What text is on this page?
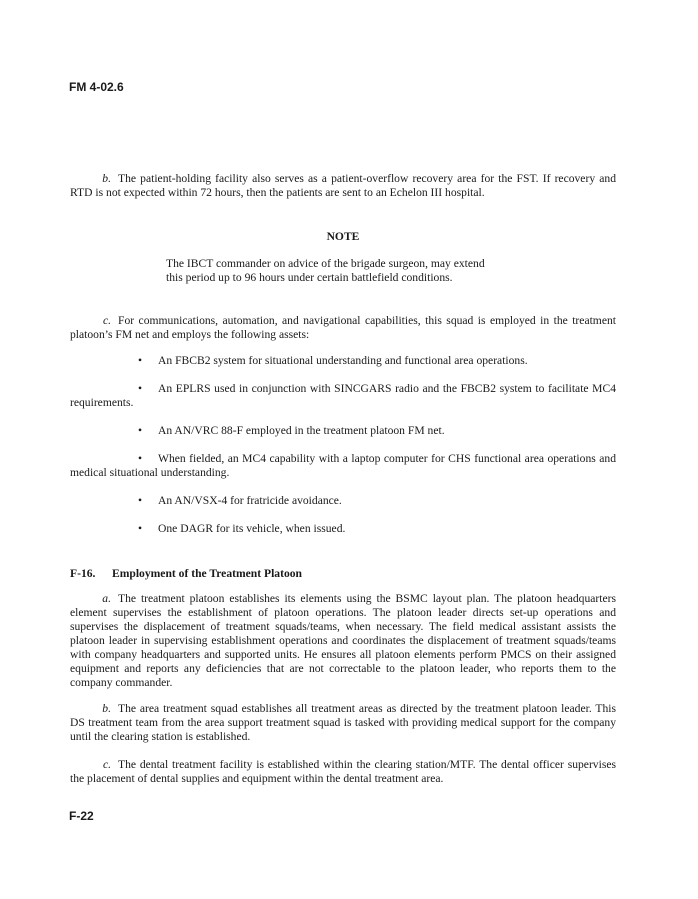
FM 4-02.6
b. The patient-holding facility also serves as a patient-overflow recovery area for the FST. If recovery and RTD is not expected within 72 hours, then the patients are sent to an Echelon III hospital.
NOTE
The IBCT commander on advice of the brigade surgeon, may extend
this period up to 96 hours under certain battlefield conditions.
c. For communications, automation, and navigational capabilities, this squad is employed in the treatment platoon’s FM net and employs the following assets:
• An FBCB2 system for situational understanding and functional area operations.
• An EPLRS used in conjunction with SINCGARS radio and the FBCB2 system to facilitate MC4 requirements.
• An AN/VRC 88-F employed in the treatment platoon FM net.
• When fielded, an MC4 capability with a laptop computer for CHS functional area operations and medical situational understanding.
• An AN/VSX-4 for fratricide avoidance.
• One DAGR for its vehicle, when issued.
F-16. Employment of the Treatment Platoon
a. The treatment platoon establishes its elements using the BSMC layout plan. The platoon headquarters element supervises the establishment of platoon operations. The platoon leader directs set-up operations and supervises the displacement of treatment squads/teams, when necessary. The field medical assistant assists the platoon leader in supervising establishment operations and coordinates the displacement of treatment squads/teams with company headquarters and supported units. He ensures all platoon elements perform PMCS on their assigned equipment and reports any deficiencies that are not correctable to the platoon leader, who reports them to the company commander.
b. The area treatment squad establishes all treatment areas as directed by the treatment platoon leader. This DS treatment team from the area support treatment squad is tasked with providing medical support for the company until the clearing station is established.
c. The dental treatment facility is established within the clearing station/MTF. The dental officer supervises the placement of dental supplies and equipment within the dental treatment area.
F-22
